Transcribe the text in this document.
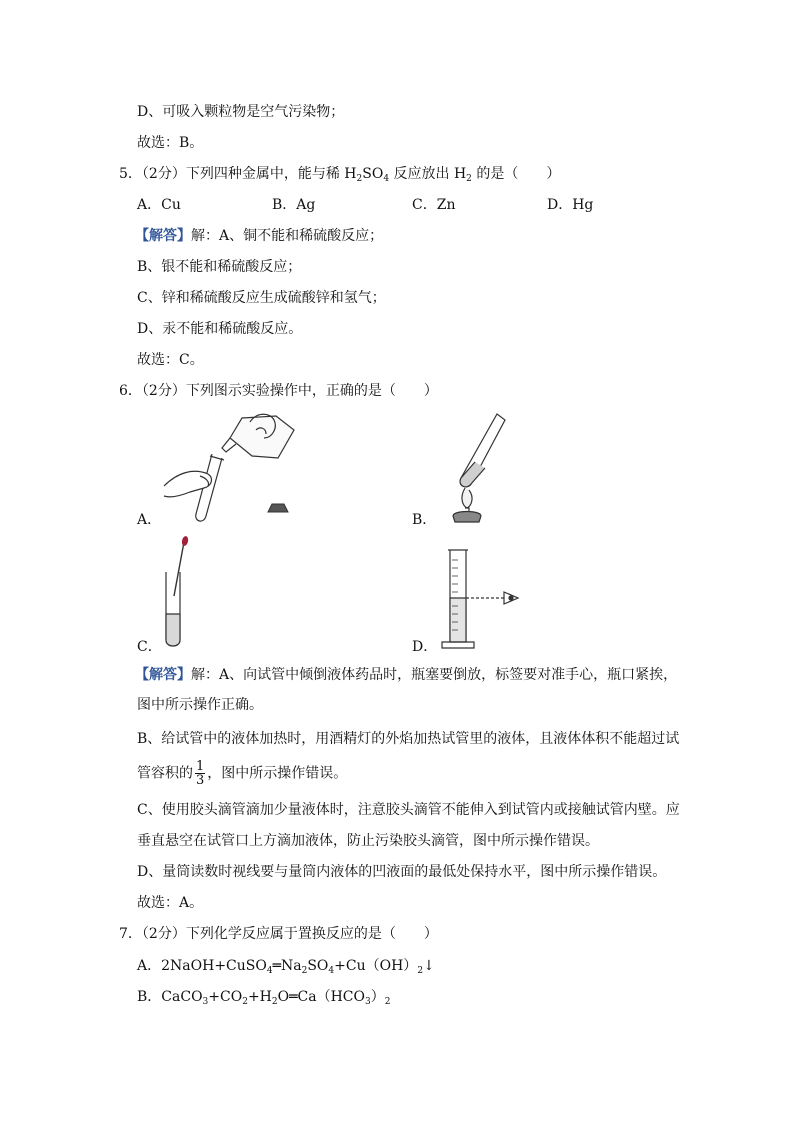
D、可吸入颗粒物是空气污染物；
故选：B。
5．（2分）下列四种金属中，能与稀 $H_2SO_4$ 反应放出 $H_2$ 的是（　　）
A．Cu	B．Ag	C．Zn	D．Hg
【解答】解：A、铜不能和稀硫酸反应；
B、银不能和稀硫酸反应；
C、锌和稀硫酸反应生成硫酸锌和氢气；
D、汞不能和稀硫酸反应。
故选：C。
6．（2分）下列图示实验操作中，正确的是（　　）
A．	B．
C．	D．
【解答】解：A、向试管中倾倒液体药品时，瓶塞要倒放，标签要对准手心，瓶口紧挨，
图中所示操作正确。
B、给试管中的液体加热时，用酒精灯的外焰加热试管里的液体，且液体体积不能超过试
管容积的 $\frac{1}{3}$ ，图中所示操作错误。
C、使用胶头滴管滴加少量液体时，注意胶头滴管不能伸入到试管内或接触试管内壁。应
垂直悬空在试管口上方滴加液体，防止污染胶头滴管，图中所示操作错误。
D、量筒读数时视线要与量筒内液体的凹液面的最低处保持水平，图中所示操作错误。
故选：A。
7．（2分）下列化学反应属于置换反应的是（　　）
A．$2NaOH+CuSO_4═Na_2SO_4+Cu(OH)_2↓$
B．$CaCO_3+CO_2+H_2O═Ca(HCO_3)_2$
